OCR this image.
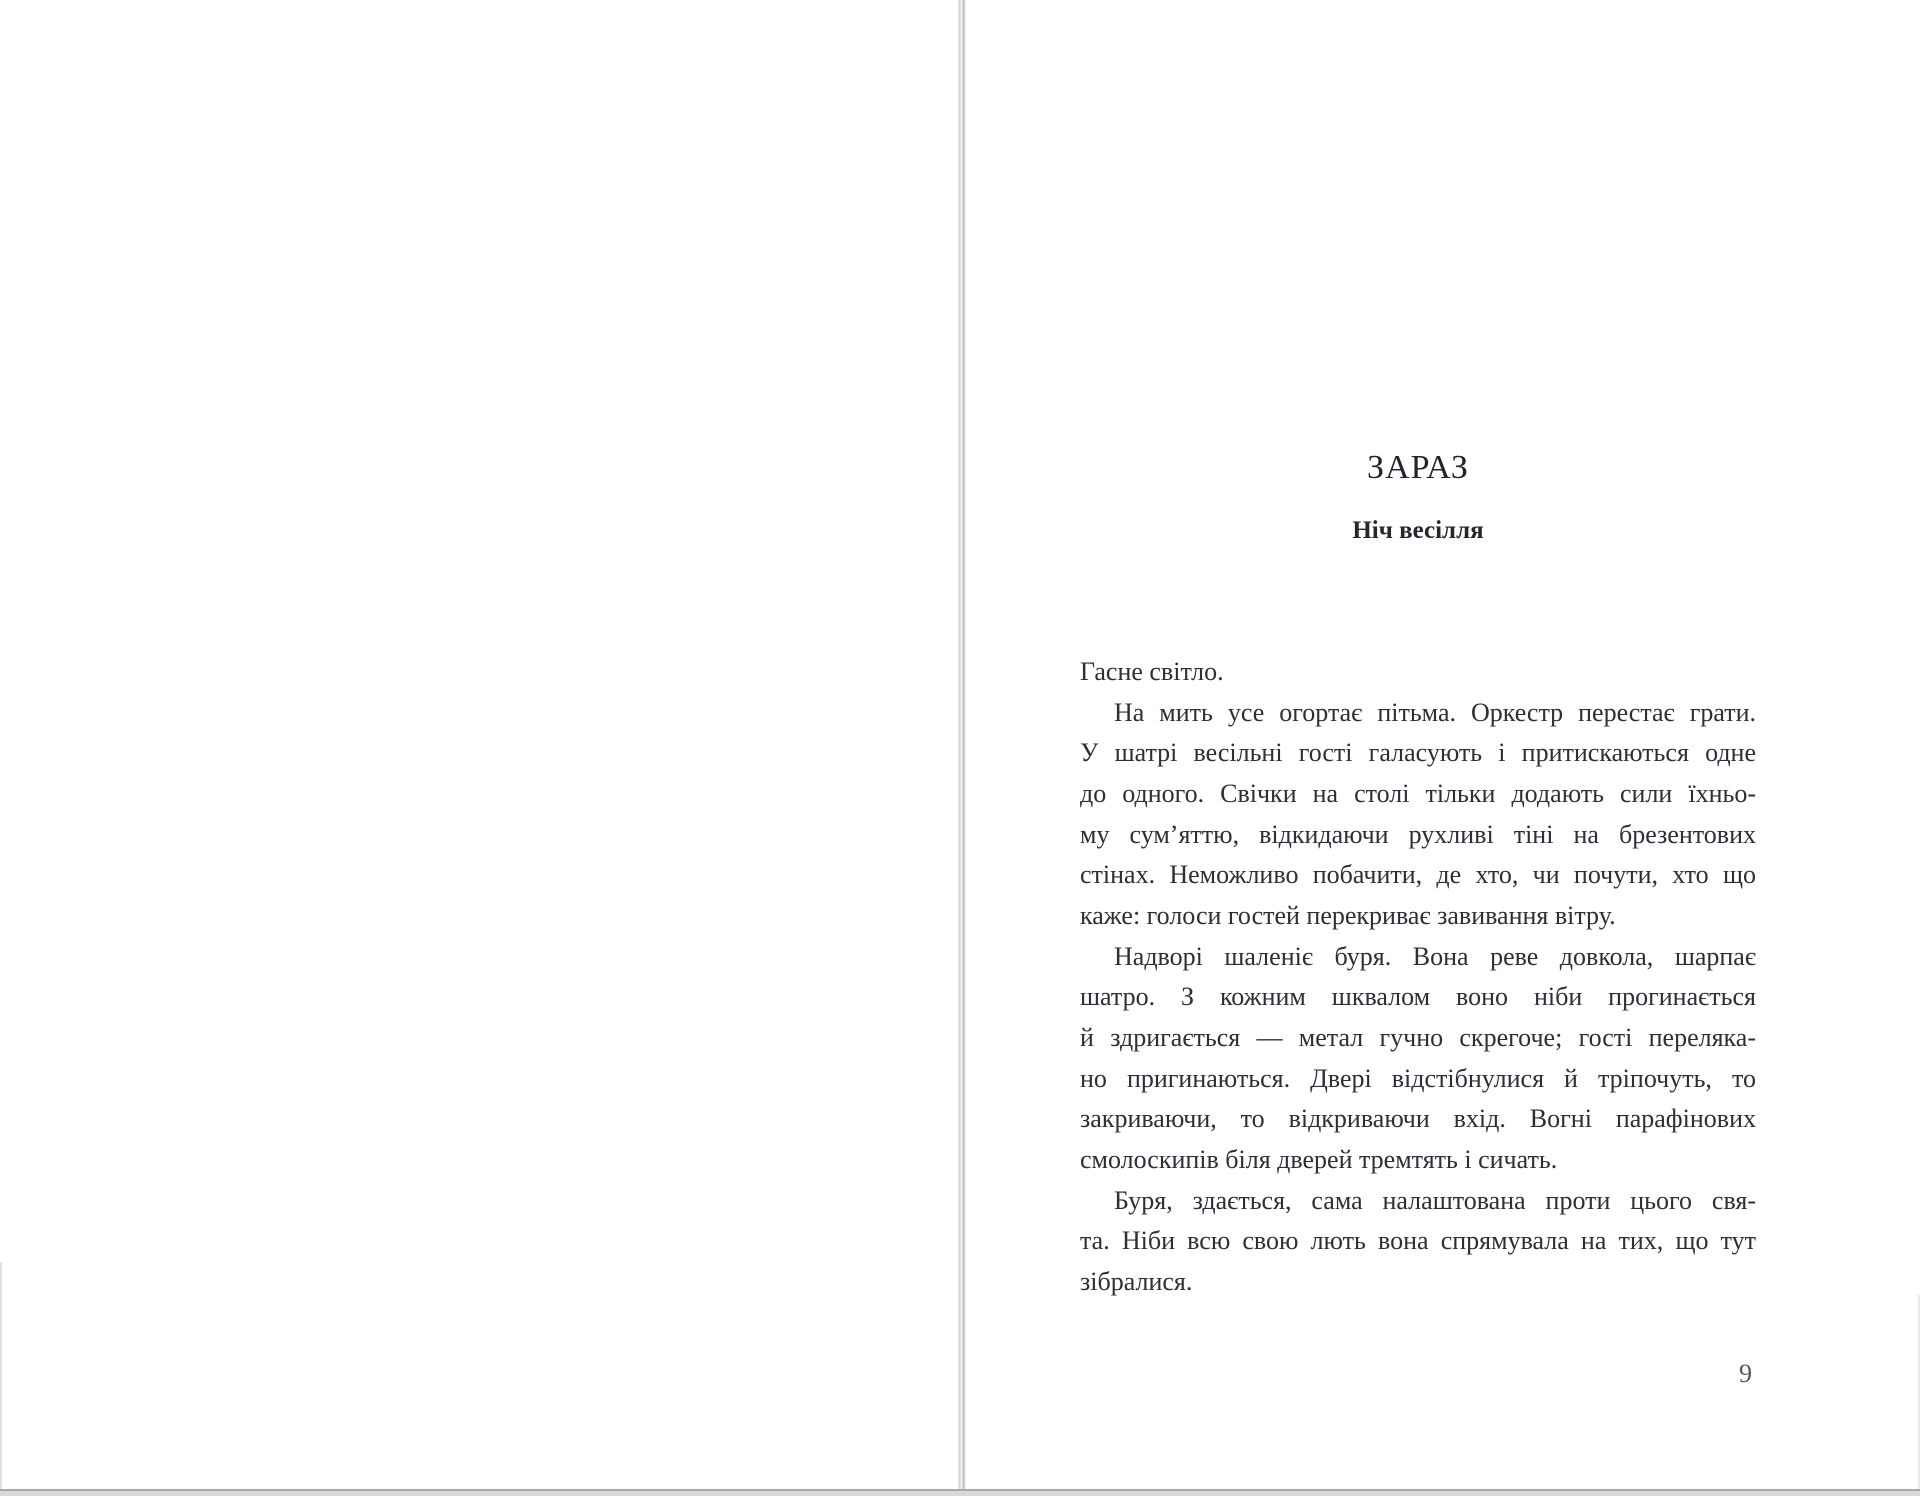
ЗАРАЗ
Ніч весілля
Гасне світло.
На мить усе огортає пітьма. Оркестр перестає грати.
У шатрі весільні гості галасують і притискаються одне
до одного. Свічки на столі тільки додають сили їхньо-
му сум’яттю, відкидаючи рухливі тіні на брезентових
стінах. Неможливо побачити, де хто, чи почути, хто що
каже: голоси гостей перекриває завивання вітру.
Надворі шаленіє буря. Вона реве довкола, шарпає
шатро. З кожним шквалом воно ніби прогинається
й здригається — метал гучно скрегоче; гості переляка-
но пригинаються. Двері відстібнулися й тріпочуть, то
закриваючи, то відкриваючи вхід. Вогні парафінових
смолоскипів біля дверей тремтять і сичать.
Буря, здається, сама налаштована проти цього свя-
та. Ніби всю свою лють вона спрямувала на тих, що тут
зібралися.
9
